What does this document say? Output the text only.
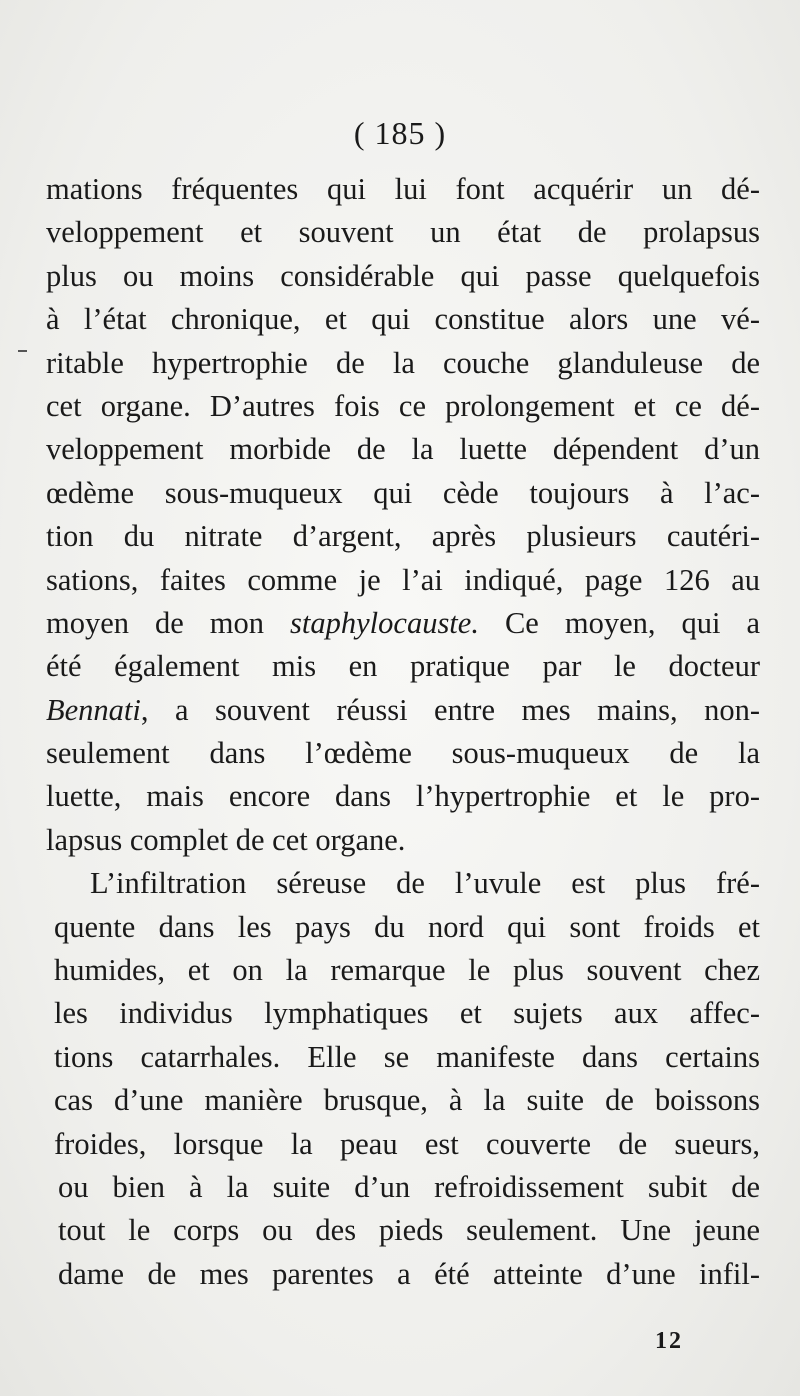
( 185 )
mations fréquentes qui lui font acquérir un dé-
veloppement et souvent un état de prolapsus
plus ou moins considérable qui passe quelquefois
à l’état chronique, et qui constitue alors une vé-
ritable hypertrophie de la couche glanduleuse de
cet organe. D’autres fois ce prolongement et ce dé-
veloppement morbide de la luette dépendent d’un
œdème sous-muqueux qui cède toujours à l’ac-
tion du nitrate d’argent, après plusieurs cautéri-
sations, faites comme je l’ai indiqué, page 126 au
moyen de mon staphylocauste. Ce moyen, qui a
été également mis en pratique par le docteur
Bennati, a souvent réussi entre mes mains, non-
seulement dans l’œdème sous-muqueux de la
luette, mais encore dans l’hypertrophie et le pro-
lapsus complet de cet organe.
L’infiltration séreuse de l’uvule est plus fré-
quente dans les pays du nord qui sont froids et
humides, et on la remarque le plus souvent chez
les individus lymphatiques et sujets aux affec-
tions catarrhales. Elle se manifeste dans certains
cas d’une manière brusque, à la suite de boissons
froides, lorsque la peau est couverte de sueurs,
ou bien à la suite d’un refroidissement subit de
tout le corps ou des pieds seulement. Une jeune
dame de mes parentes a été atteinte d’une infil-
12
